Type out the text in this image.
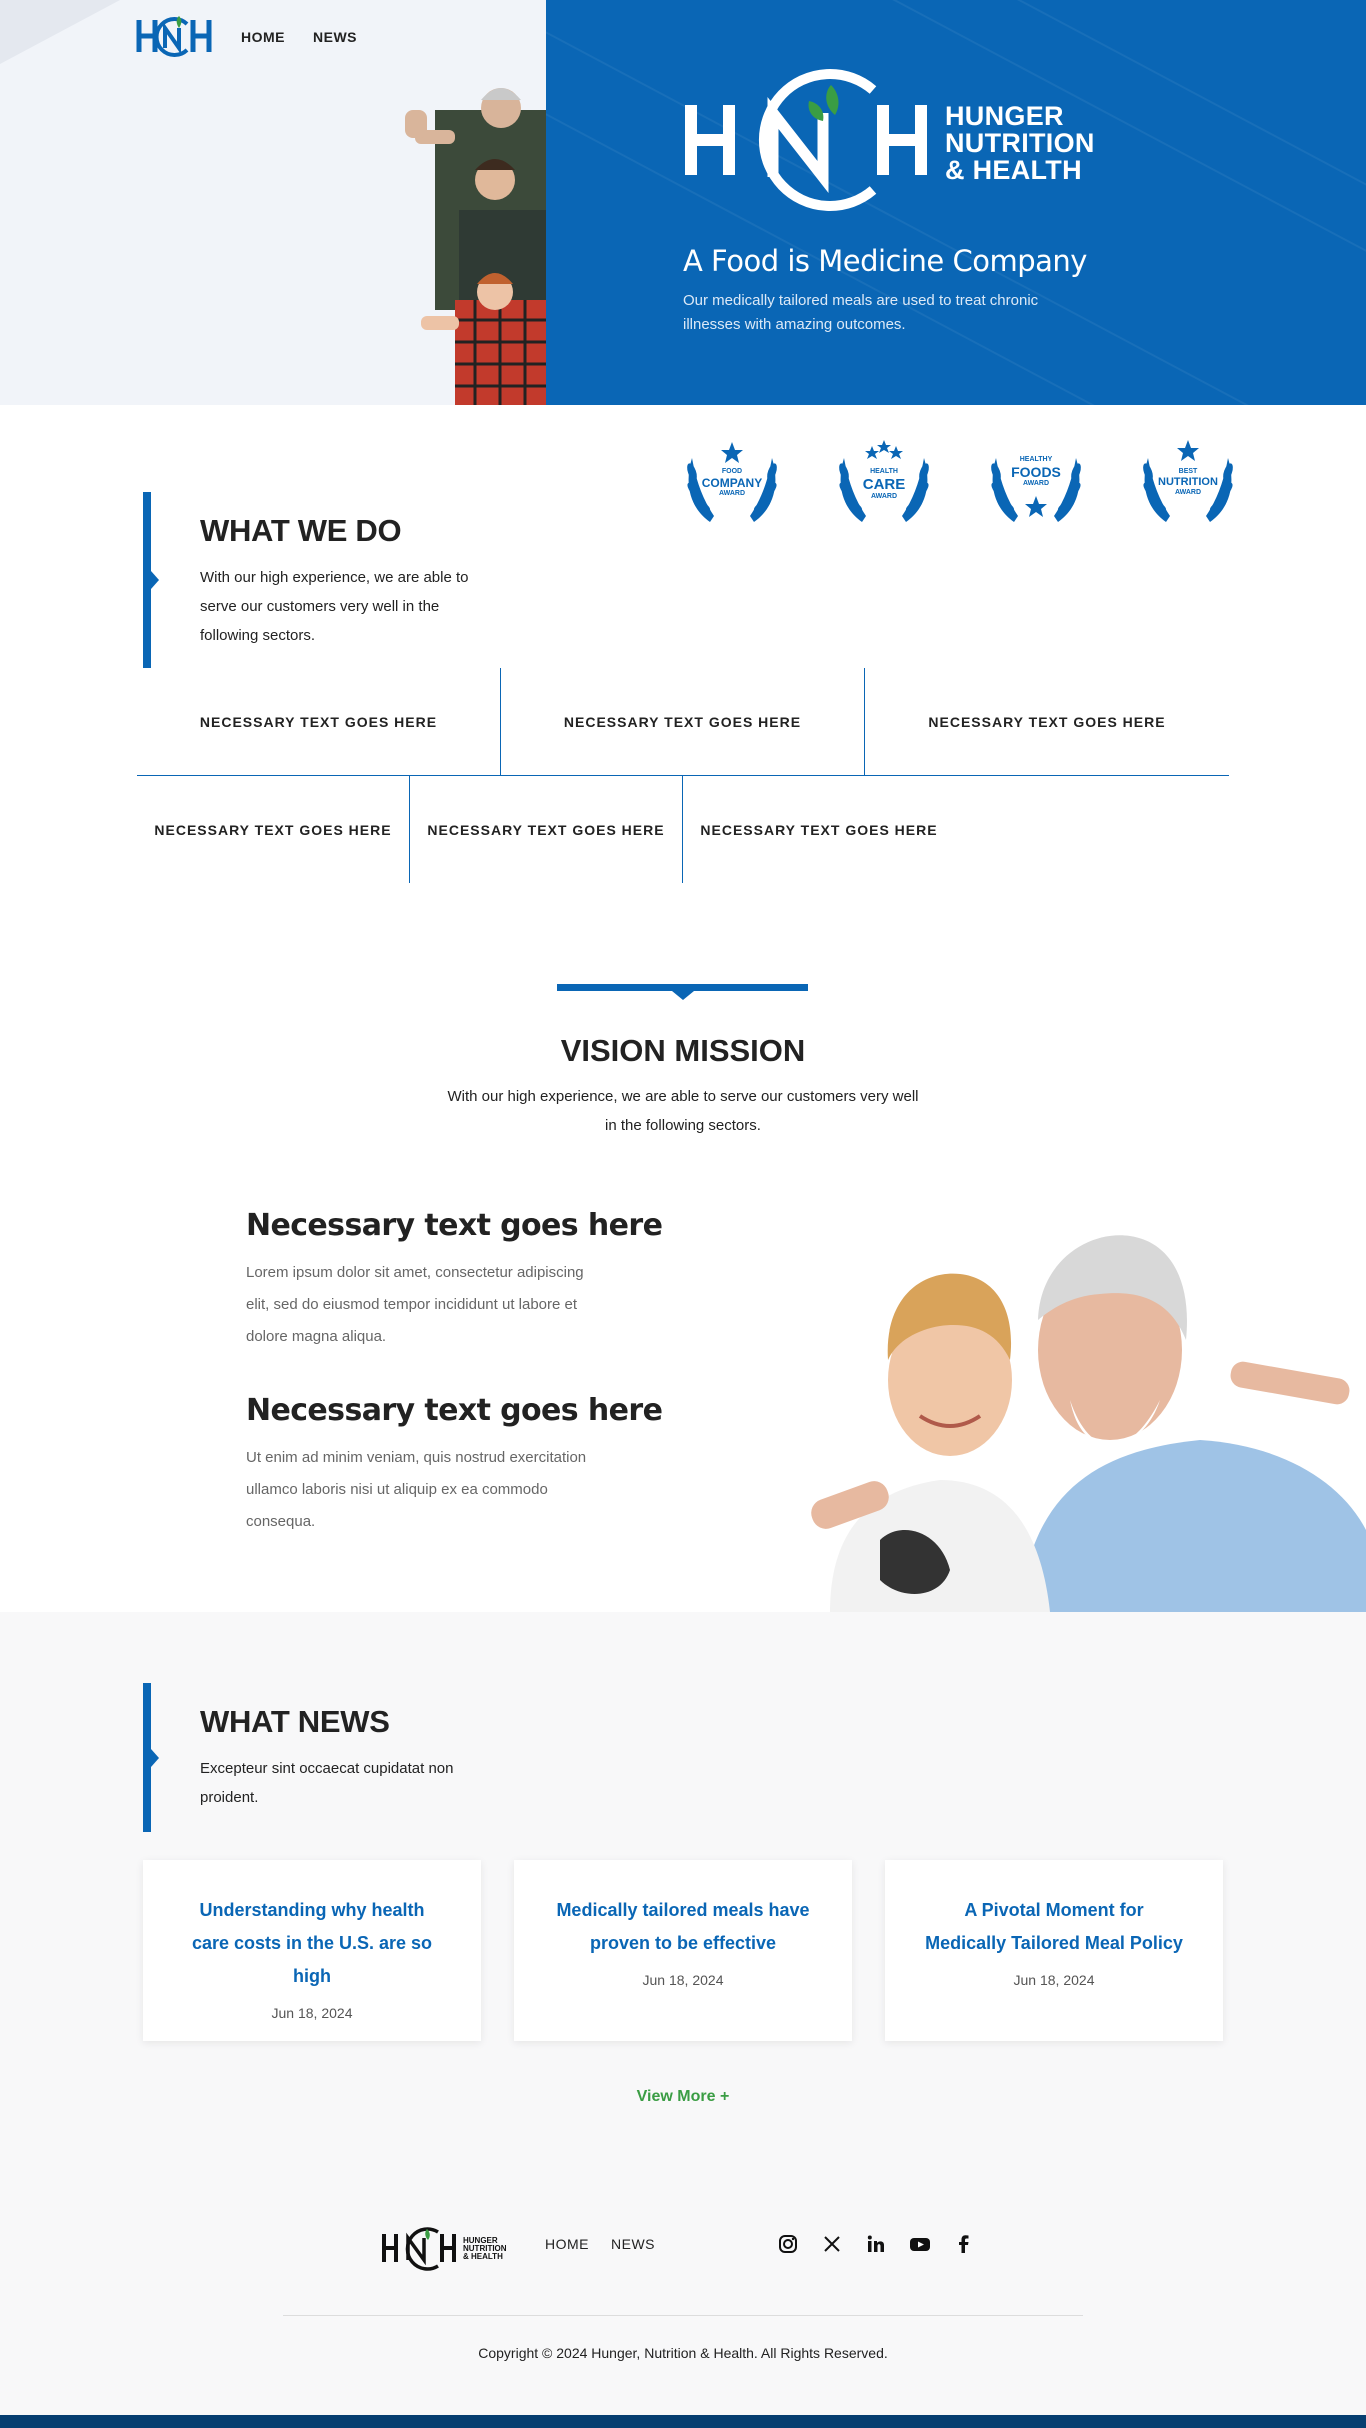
HOME NEWS
HUNGER
NUTRITION
& HEALTH
A Food is Medicine Company

Our medically tailored meals are used to treat chronic illnesses with amazing outcomes.

FOOD
COMPANY
AWARD
HEALTH
CARE
AWARD
HEALTHY
FOODS
AWARD
BEST
NUTRITION
AWARD
WHAT WE DO

With our high experience, we are able to serve our customers very well in the following sectors.

NECESSARY TEXT GOES HERE	NECESSARY TEXT GOES HERE	NECESSARY TEXT GOES HERE
NECESSARY TEXT GOES HERE	NECESSARY TEXT GOES HERE	NECESSARY TEXT GOES HERE
VISION MISSION

With our high experience, we are able to serve our customers very well in the following sectors.

Necessary text goes here

Lorem ipsum dolor sit amet, consectetur adipiscing elit, sed do eiusmod tempor incididunt ut labore et dolore magna aliqua.

Necessary text goes here

Ut enim ad minim veniam, quis nostrud exercitation ullamco laboris nisi ut aliquip ex ea commodo consequa.

WHAT NEWS

Excepteur sint occaecat cupidatat non proident.

Understanding why health care costs in the U.S. are so high
Jun 18, 2024
Medically tailored meals have proven to be effective
Jun 18, 2024
A Pivotal Moment for Medically Tailored Meal Policy
Jun 18, 2024
View More +
HUNGER
NUTRITION
& HEALTH
HOME NEWS

Copyright © 2024 Hunger, Nutrition & Health. All Rights Reserved.
